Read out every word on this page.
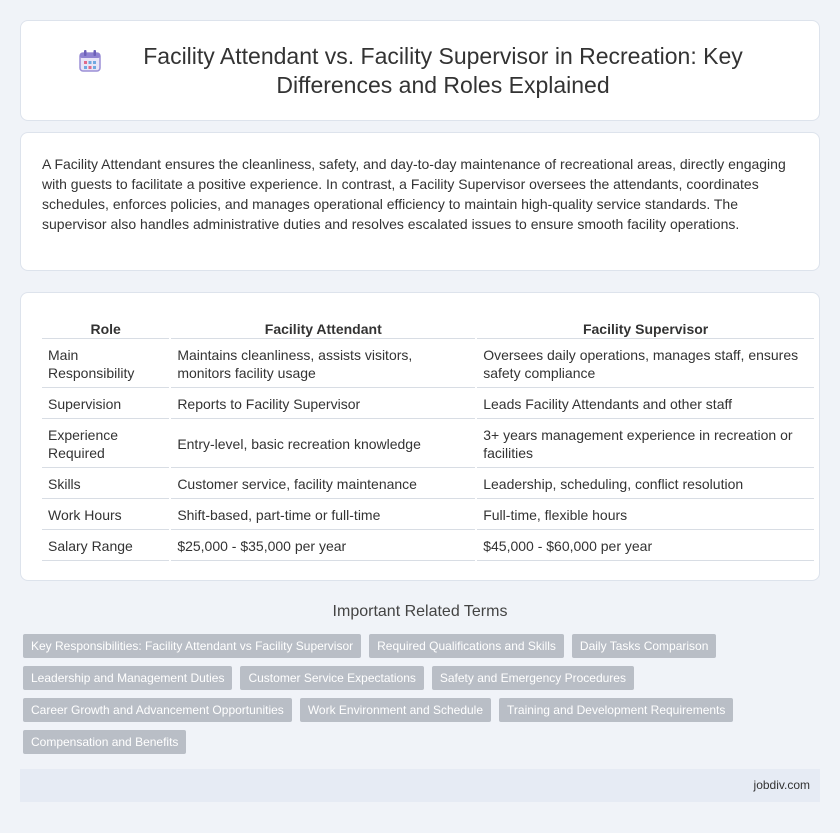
Facility Attendant vs. Facility Supervisor in Recreation: Key Differences and Roles Explained

A Facility Attendant ensures the cleanliness, safety, and day-to-day maintenance of recreational areas, directly engaging with guests to facilitate a positive experience. In contrast, a Facility Supervisor oversees the attendants, coordinates schedules, enforces policies, and manages operational efficiency to maintain high-quality service standards. The supervisor also handles administrative duties and resolves escalated issues to ensure smooth facility operations.

Role	Facility Attendant	Facility Supervisor
Main Responsibility	Maintains cleanliness, assists visitors, monitors facility usage	Oversees daily operations, manages staff, ensures safety compliance
Supervision	Reports to Facility Supervisor	Leads Facility Attendants and other staff
Experience Required	Entry-level, basic recreation knowledge	3+ years management experience in recreation or facilities
Skills	Customer service, facility maintenance	Leadership, scheduling, conflict resolution
Work Hours	Shift-based, part-time or full-time	Full-time, flexible hours
Salary Range	$25,000 - $35,000 per year	$45,000 - $60,000 per year
Important Related Terms
Key Responsibilities: Facility Attendant vs Facility Supervisor	Required Qualifications and Skills	Daily Tasks Comparison
Leadership and Management Duties	Customer Service Expectations	Safety and Emergency Procedures
Career Growth and Advancement Opportunities	Work Environment and Schedule	Training and Development Requirements
Compensation and Benefits
jobdiv.com
